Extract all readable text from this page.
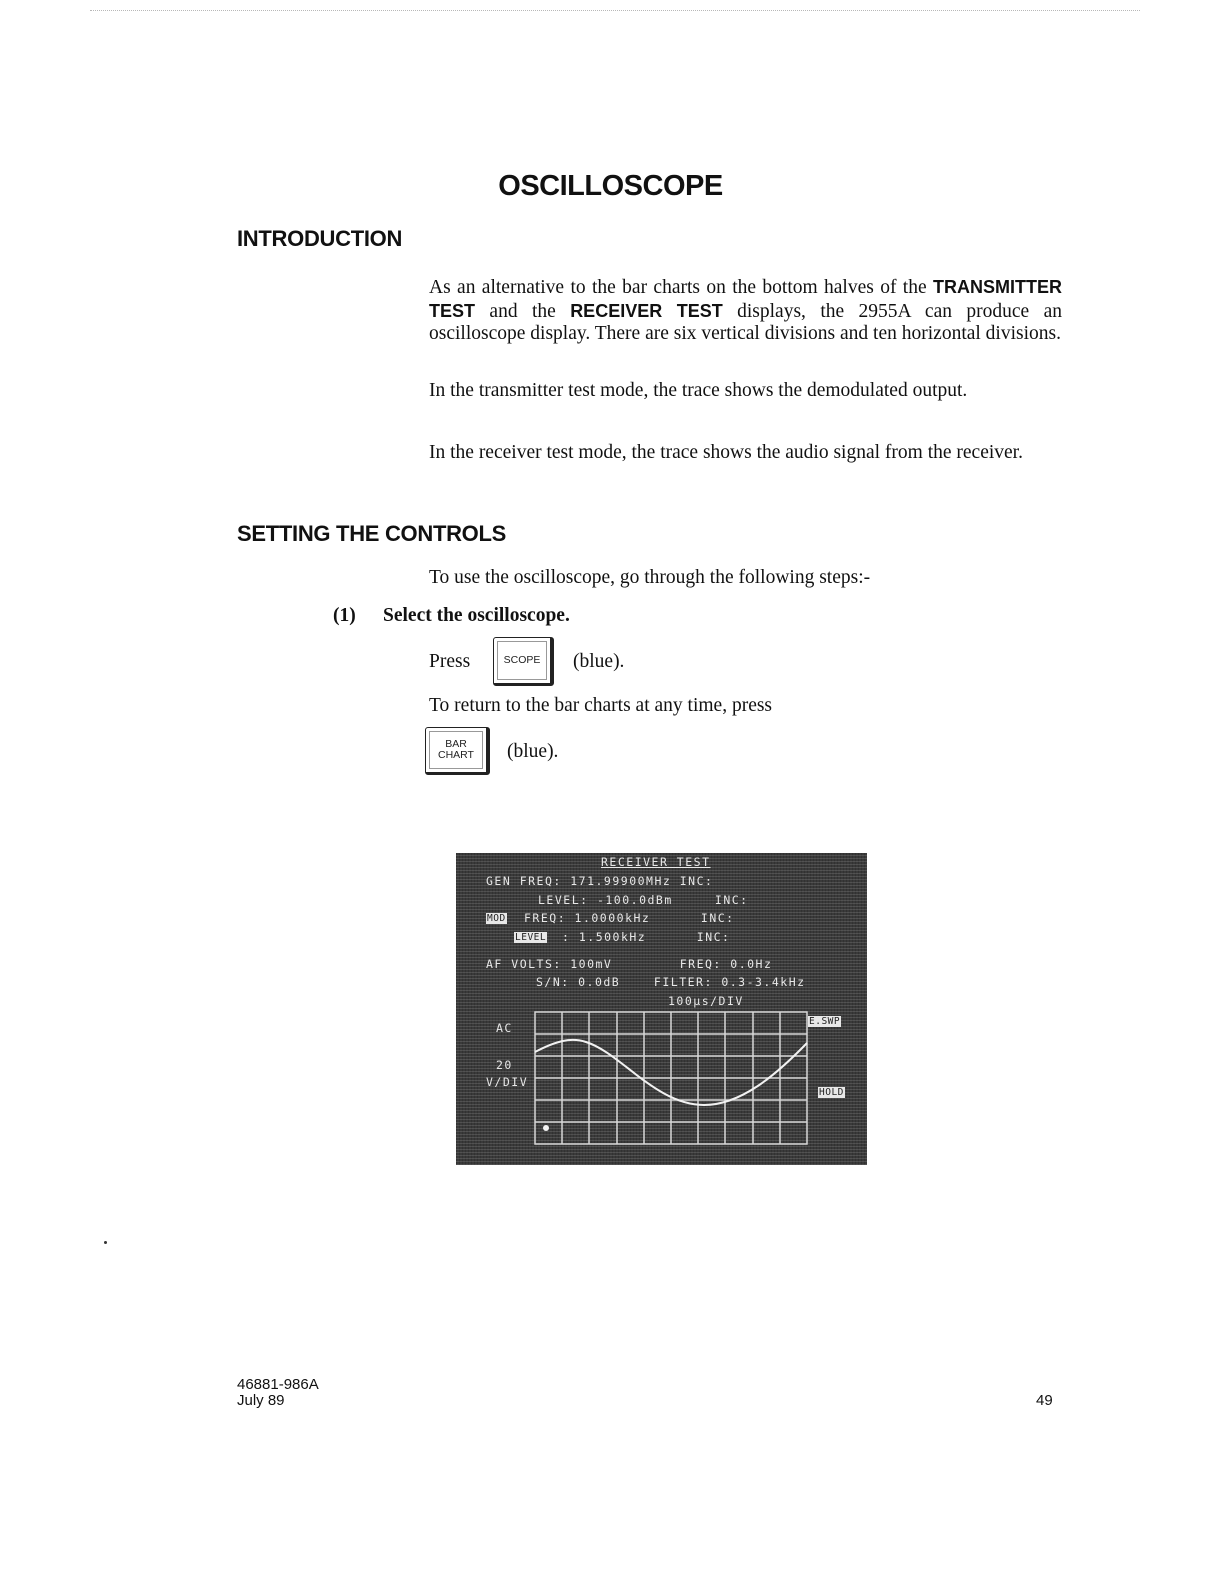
OSCILLOSCOPE
INTRODUCTION

As an alternative to the bar charts on the bottom halves of the TRANSMITTER TEST and the RECEIVER TEST displays, the 2955A can produce an oscilloscope display. There are six vertical divisions and ten horizontal divisions.

In the transmitter test mode, the trace shows the demodulated output.

In the receiver test mode, the trace shows the audio signal from the receiver.

SETTING THE CONTROLS
To use the oscilloscope, go through the following steps:-
(1) Select the oscilloscope.
Press	SCOPE (blue).
To return to the bar charts at any time, press
BAR
CHART (blue).
RECEIVER TEST
GEN FREQ: 171.99900MHz INC:
LEVEL: -100.0dBm     INC:
MOD FREQ: 1.0000kHz      INC:
LEVEL : 1.500kHz      INC:
AF VOLTS: 100mV        FREQ: 0.0Hz
S/N: 0.0dB    FILTER: 0.3-3.4kHz
100µs/DIV
AC
20
V/DIV
E.SWP
HOLD
46881-986A
July 89	49
